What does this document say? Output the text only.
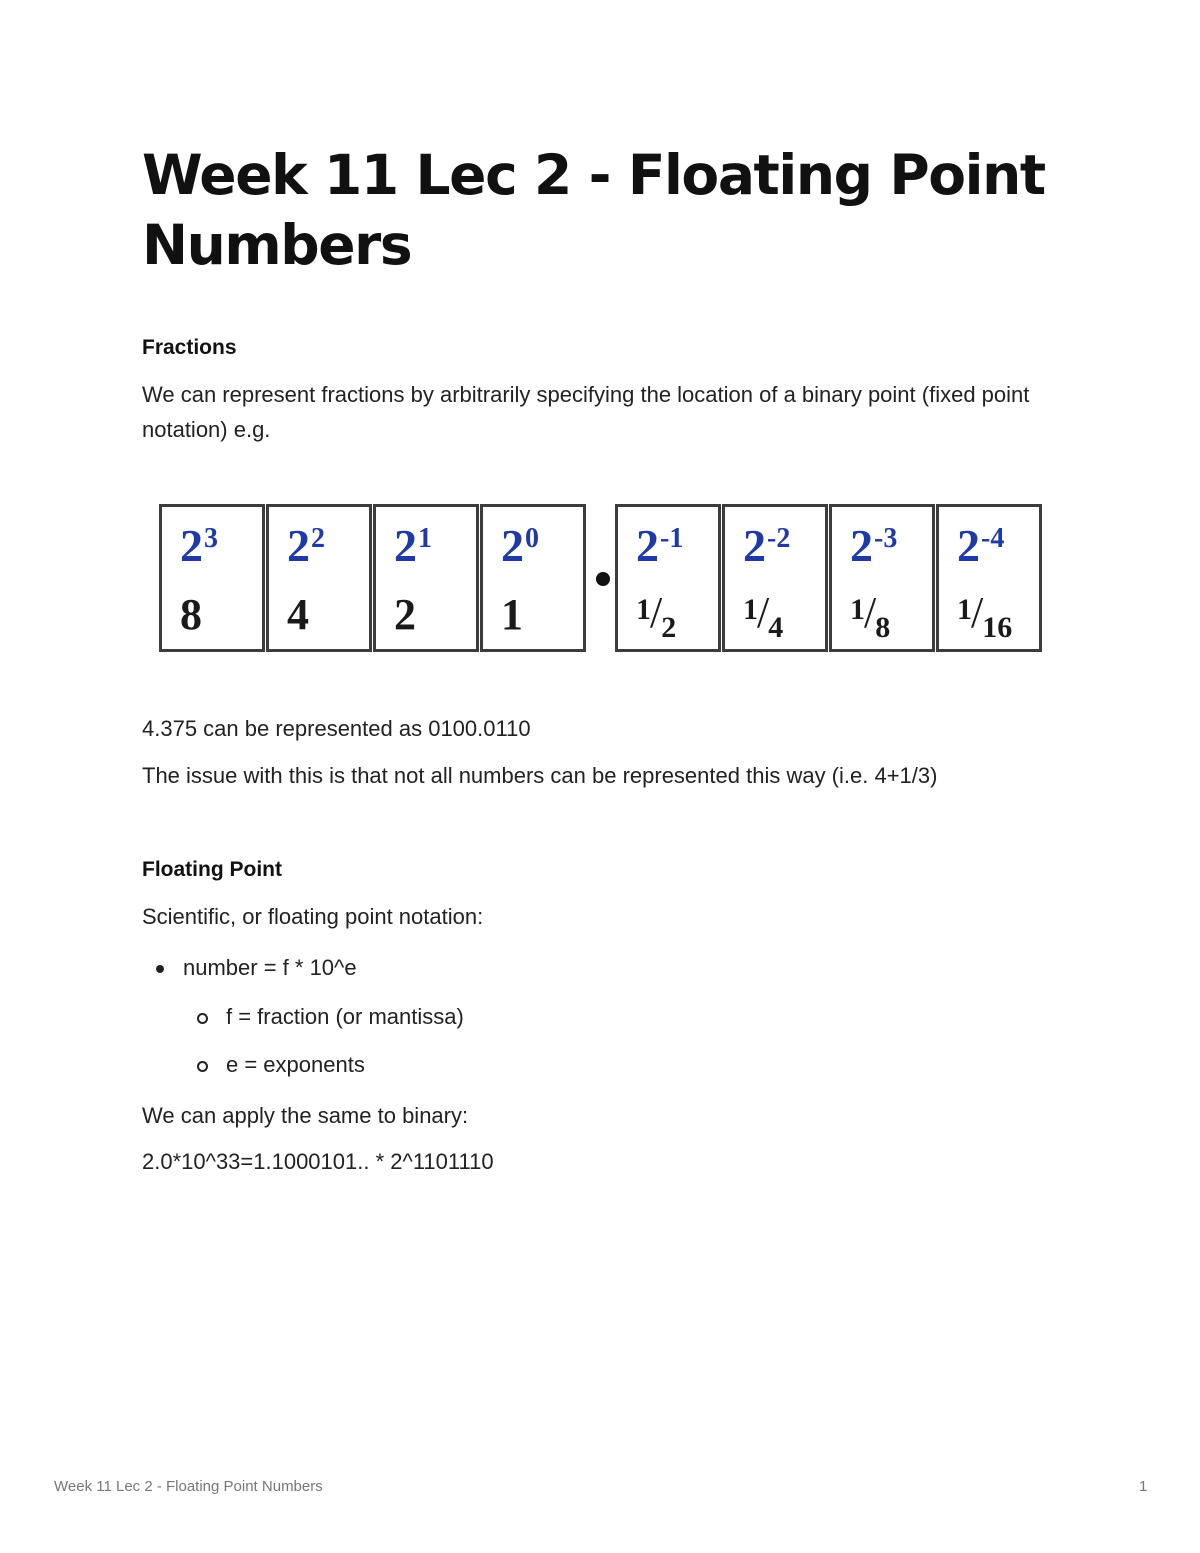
Week 11 Lec 2 - Floating Point Numbers
Fractions

We can represent fractions by arbitrarily specifying the location of a binary point (fixed point notation) e.g.

$2^3$
8
$2^2$
4
$2^1$
2
$2^0$
1
$2^{-1}$
$1/_2$
$2^{-2}$
$1/_4$
$2^{-3}$
$1/_8$
$2^{-4}$
$1/_{16}$

4.375 can be represented as 0100.0110

The issue with this is that not all numbers can be represented this way (i.e. 4+1/3)

Floating Point

Scientific, or floating point notation:

number = f * 10^e

f = fraction (or mantissa)

e = exponents

We can apply the same to binary:

2.0*10^33=1.1000101.. * 2^1101110

Week 11 Lec 2 - Floating Point Numbers	1
